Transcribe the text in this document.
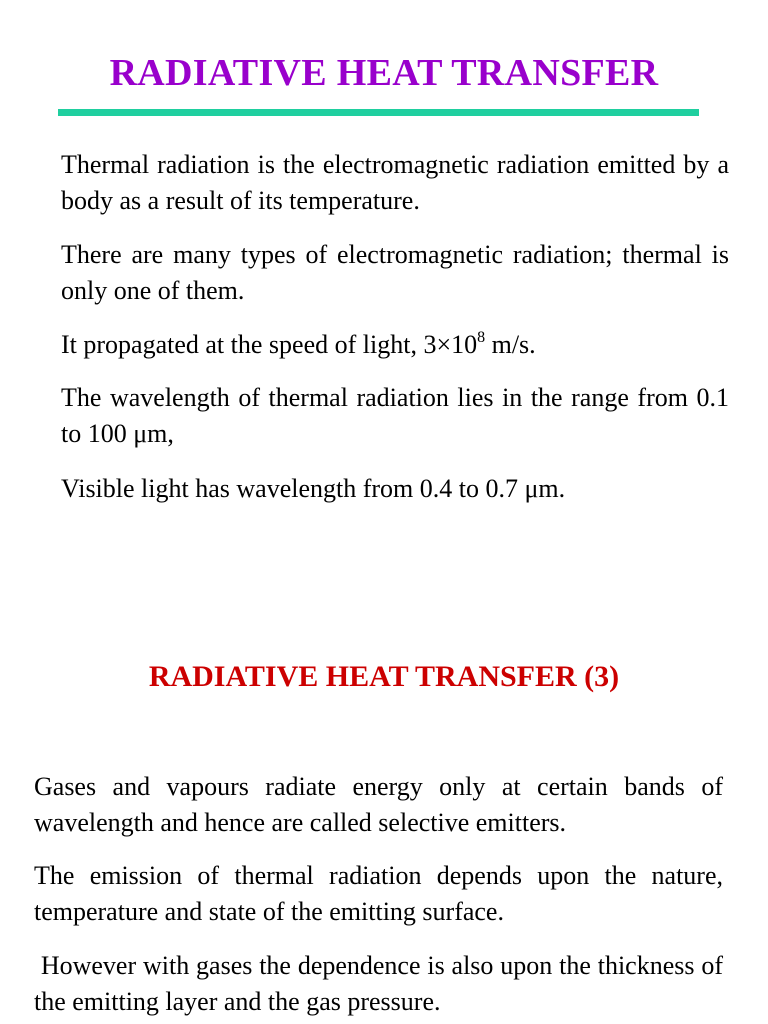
RADIATIVE HEAT TRANSFER

Thermal radiation is the electromagnetic radiation emitted by a body as a result of its temperature.

There are many types of electromagnetic radiation; thermal is only one of them.

It propagated at the speed of light, $3\times 10^8$ m/s.

The wavelength of thermal radiation lies in the range from 0.1 to 100 μm,

Visible light has wavelength from 0.4 to 0.7 μm.

RADIATIVE HEAT TRANSFER (3)

Gases and vapours radiate energy only at certain bands of wavelength and hence are called selective emitters.

The emission of thermal radiation depends upon the nature, temperature and state of the emitting surface.

However with gases the dependence is also upon the thickness of the emitting layer and the gas pressure.
